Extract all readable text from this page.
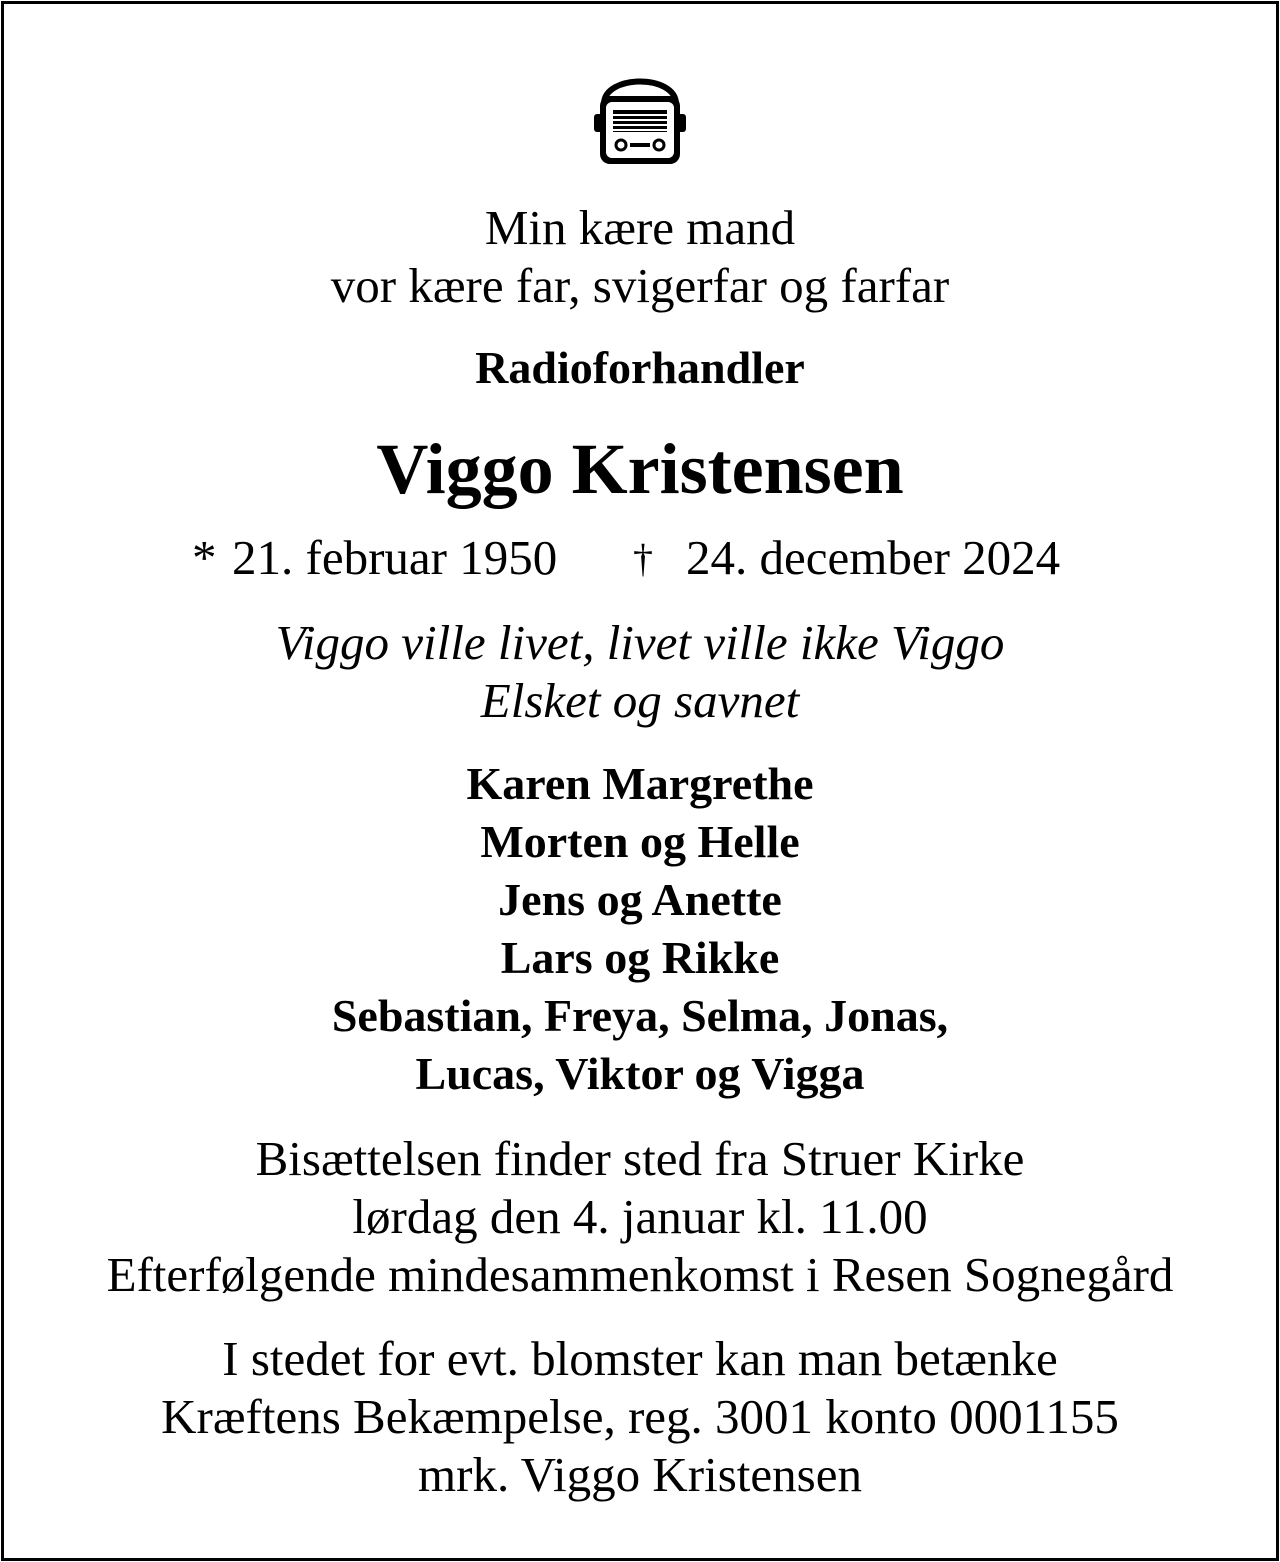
Min kære mand
vor kære far, svigerfar og farfar
Radioforhandler
Viggo Kristensen
* 21. februar 1950 † 24. december 2024
Viggo ville livet, livet ville ikke Viggo
Elsket og savnet
Karen Margrethe
Morten og Helle
Jens og Anette
Lars og Rikke
Sebastian, Freya, Selma, Jonas,
Lucas, Viktor og Vigga
Bisættelsen finder sted fra Struer Kirke
lørdag den 4. januar kl. 11.00
Efterfølgende mindesammenkomst i Resen Sognegård
I stedet for evt. blomster kan man betænke
Kræftens Bekæmpelse, reg. 3001 konto 0001155
mrk. Viggo Kristensen
